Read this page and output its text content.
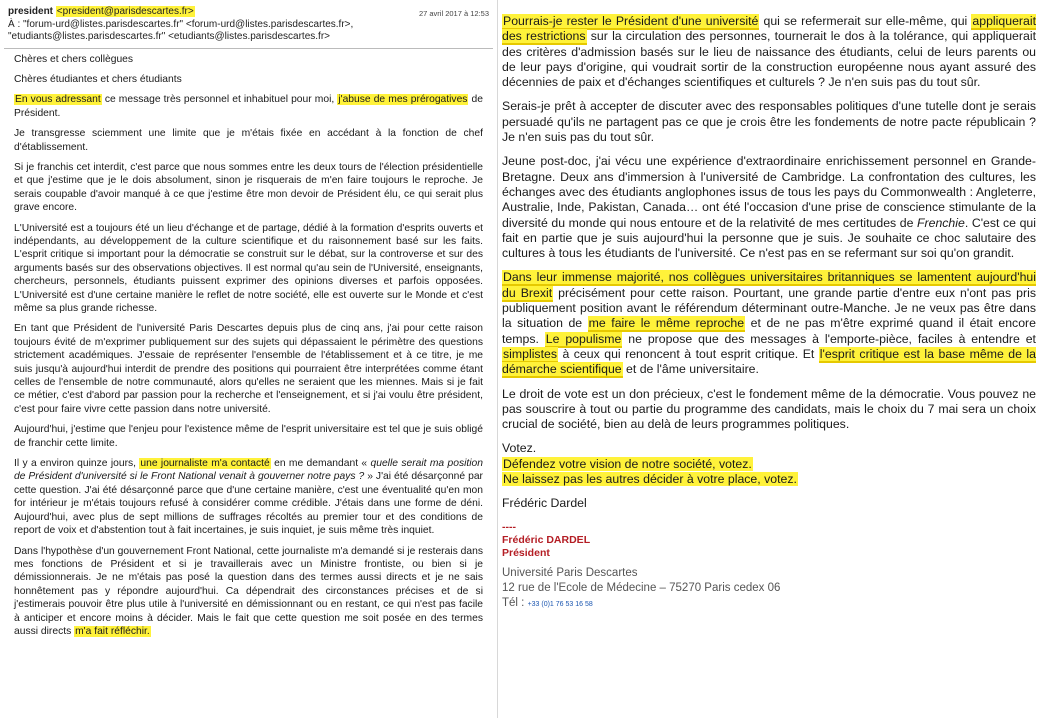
president <president@parisdescartes.fr>	27 avril 2017 à 12:53
À : "forum-urd@listes.parisdescartes.fr" <forum-urd@listes.parisdescartes.fr>,
"etudiants@listes.parisdescartes.fr" <etudiants@listes.parisdescartes.fr>

Chères et chers collègues

Chères étudiantes et chers étudiants

En vous adressant ce message très personnel et inhabituel pour moi, j'abuse de mes prérogatives de Président.

Je transgresse sciemment une limite que je m'étais fixée en accédant à la fonction de chef d'établissement.

Si je franchis cet interdit, c'est parce que nous sommes entre les deux tours de l'élection présidentielle et que j'estime que je le dois absolument, sinon je risquerais de m'en faire toujours le reproche. Je serais coupable d'avoir manqué à ce que j'estime être mon devoir de Président élu, ce qui serait plus grave encore.

L'Université est a toujours été un lieu d'échange et de partage, dédié à la formation d'esprits ouverts et indépendants, au développement de la culture scientifique et du raisonnement basé sur les faits. L'esprit critique si important pour la démocratie se construit sur le débat, sur la controverse et sur des arguments basés sur des observations objectives. Il est normal qu'au sein de l'Université, enseignants, chercheurs, personnels, étudiants puissent exprimer des opinions diverses et parfois opposées. L'Université est d'une certaine manière le reflet de notre société, elle est ouverte sur le Monde et c'est même sa plus grande richesse.

En tant que Président de l'université Paris Descartes depuis plus de cinq ans, j'ai pour cette raison toujours évité de m'exprimer publiquement sur des sujets qui dépassaient le périmètre des questions strictement académiques. J'essaie de représenter l'ensemble de l'établissement et à ce titre, je me suis jusqu'à aujourd'hui interdit de prendre des positions qui pourraient être interprétées comme étant celles de l'ensemble de notre communauté, alors qu'elles ne seraient que les miennes. Mais si je fait ce métier, c'est d'abord par passion pour la recherche et l'enseignement, et si j'ai voulu être président, c'est pour faire vivre cette passion dans notre université.

Aujourd'hui, j'estime que l'enjeu pour l'existence même de l'esprit universitaire est tel que je suis obligé de franchir cette limite.

Il y a environ quinze jours, une journaliste m'a contacté en me demandant « quelle serait ma position de Président d'université si le Front National venait à gouverner notre pays ? » J'ai été désarçonné par cette question. J'ai été désarçonné parce que d'une certaine manière, c'est une éventualité qu'en mon for intérieur je m'étais toujours refusé à considérer comme crédible. J'étais dans une forme de déni. Aujourd'hui, avec plus de sept millions de suffrages récoltés au premier tour et des conditions de report de voix et d'abstention tout à fait incertaines, je suis inquiet, je suis même très inquiet.

Dans l'hypothèse d'un gouvernement Front National, cette journaliste m'a demandé si je resterais dans mes fonctions de Président et si je travaillerais avec un Ministre frontiste, ou bien si je démissionnerais. Je ne m'étais pas posé la question dans des termes aussi directs et je ne sais honnêtement pas y répondre aujourd'hui. Ca dépendrait des circonstances précises et de si j'estimerais pouvoir être plus utile à l'université en démissionnant ou en restant, ce qui n'est pas facile à anticiper et encore moins à décider. Mais le fait que cette question me soit posée en des termes aussi directs m'a fait réfléchir.

Pourrais-je rester le Président d'une université qui se refermerait sur elle-même, qui appliquerait des restrictions sur la circulation des personnes, tournerait le dos à la tolérance, qui appliquerait des critères d'admission basés sur le lieu de naissance des étudiants, celui de leurs parents ou de leur pays d'origine, qui voudrait sortir de la construction européenne nous ayant assuré des décennies de paix et d'échanges scientifiques et culturels ? Je n'en suis pas du tout sûr.

Serais-je prêt à accepter de discuter avec des responsables politiques d'une tutelle dont je serais persuadé qu'ils ne partagent pas ce que je crois être les fondements de notre pacte républicain ? Je n'en suis pas du tout sûr.

Jeune post-doc, j'ai vécu une expérience d'extraordinaire enrichissement personnel en Grande-Bretagne. Deux ans d'immersion à l'université de Cambridge. La confrontation des cultures, les échanges avec des étudiants anglophones issus de tous les pays du Commonwealth : Angleterre, Australie, Inde, Pakistan, Canada… ont été l'occasion d'une prise de conscience stimulante de la diversité du monde qui nous entoure et de la relativité de mes certitudes de Frenchie. C'est ce qui fait en partie que je suis aujourd'hui la personne que je suis. Je souhaite ce choc salutaire des cultures à tous les étudiants de l'université. Ce n'est pas en se refermant sur soi qu'on grandit.

Dans leur immense majorité, nos collègues universitaires britanniques se lamentent aujourd'hui du Brexit précisément pour cette raison. Pourtant, une grande partie d'entre eux n'ont pas pris publiquement position avant le référendum déterminant outre-Manche. Je ne veux pas être dans la situation de me faire le même reproche et de ne pas m'être exprimé quand il était encore temps. Le populisme ne propose que des messages à l'emporte-pièce, faciles à entendre et simplistes à ceux qui renoncent à tout esprit critique. Et l'esprit critique est la base même de la démarche scientifique et de l'âme universitaire.

Le droit de vote est un don précieux, c'est le fondement même de la démocratie. Vous pouvez ne pas souscrire à tout ou partie du programme des candidats, mais le choix du 7 mai sera un choix crucial de société, bien au delà de leurs programmes politiques.

Votez.
Défendez votre vision de notre société, votez.
Ne laissez pas les autres décider à votre place, votez.

Frédéric Dardel

----
Frédéric DARDEL
Président
Université Paris Descartes
12 rue de l'Ecole de Médecine – 75270 Paris cedex 06
Tél : +33 (0)1 76 53 16 58
